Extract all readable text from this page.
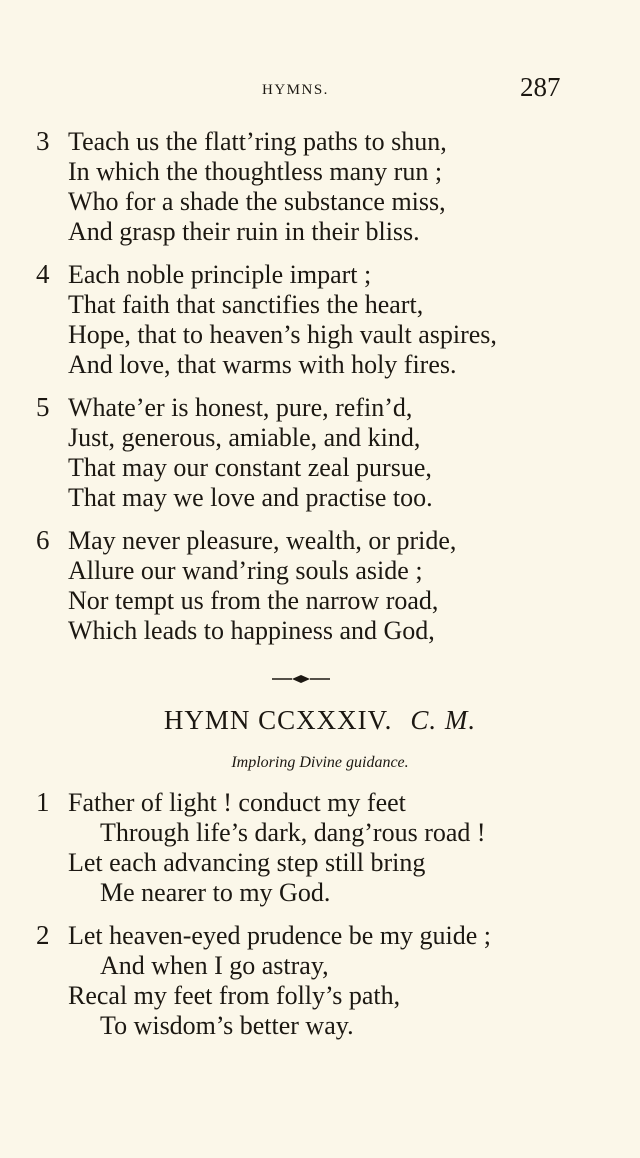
HYMNS.	287
3 Teach us the flatt’ring paths to shun,
In which the thoughtless many run ;
Who for a shade the substance miss,
And grasp their ruin in their bliss.
4 Each noble principle impart ;
That faith that sanctifies the heart,
Hope, that to heaven’s high vault aspires,
And love, that warms with holy fires.
5 Whate’er is honest, pure, refin’d,
Just, generous, amiable, and kind,
That may our constant zeal pursue,
That may we love and practise too.
6 May never pleasure, wealth, or pride,
Allure our wand’ring souls aside ;
Nor tempt us from the narrow road,
Which leads to happiness and God,
HYMN CCXXXIV. C. M.
Imploring Divine guidance.
1 Father of light ! conduct my feet
Through life’s dark, dang’rous road !
Let each advancing step still bring
Me nearer to my God.
2 Let heaven-eyed prudence be my guide ;
And when I go astray,
Recal my feet from folly’s path,
To wisdom’s better way.
